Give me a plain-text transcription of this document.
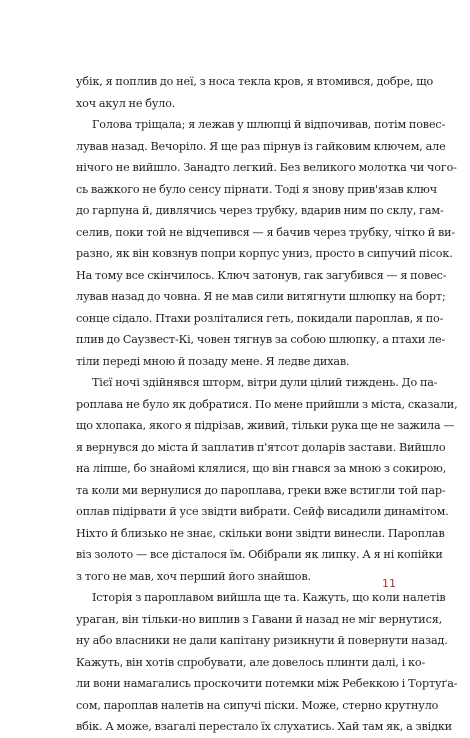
убік, я поплив до неї, з носа текла кров, я втомився, добре, що
хоч акул не було.
Голова тріщала; я лежав у шлюпці й відпочивав, потім повес-
лував назад. Вечоріло. Я ще раз пірнув із гайковим ключем, але
нічого не вийшло. Занадто легкий. Без великого молотка чи чого-
сь важкого не було сенсу пірнати. Тоді я знову прив'язав ключ
до гарпуна й, дивлячись через трубку, вдарив ним по склу, гам-
селив, поки той не відчепився — я бачив через трубку, чітко й ви-
разно, як він ковзнув попри корпус униз, просто в сипучий пісок.
На тому все скінчилось. Ключ затонув, гак загубився — я повес-
лував назад до човна. Я не мав сили витягнути шлюпку на борт;
сонце сідало. Птахи розліталися геть, покидали пароплав, я по-
плив до Саузвест-Кі, човен тягнув за собою шлюпку, а птахи ле-
тіли переді мною й позаду мене. Я ледве дихав.
Тієї ночі здійнявся шторм, вітри дули цілий тиждень. До па-
роплава не було як добратися. По мене прийшли з міста, сказали,
що хлопака, якого я підрізав, живий, тільки рука ще не зажила —
я вернувся до міста й заплатив п'ятсот доларів застави. Вийшло
на ліпше, бо знайомі клялися, що він гнався за мною з сокирою,
та коли ми вернулися до пароплава, греки вже встигли той пар-
оплав підірвати й усе звідти вибрати. Сейф висадили динамітом.
Ніхто й близько не знає, скільки вони звідти винесли. Пароплав
віз золото — все дісталося їм. Обібрали як липку. А я ні копійки
з того не мав, хоч перший його знайшов.
Історія з пароплавом вийшла ще та. Кажуть, що коли налетів
ураган, він тільки-но виплив з Гавани й назад не міг вернутися,
ну або власники не дали капітану ризикнути й повернути назад.
Кажуть, він хотів спробувати, але довелось плинти далі, і ко-
ли вони намагались проскочити потемки між Ребеккою і Тортуґа-
сом, пароплав налетів на сипучі піски. Може, стерно крутнуло
вбік. А може, взагалі перестало їх слухатись. Хай там як, а звідки
11
